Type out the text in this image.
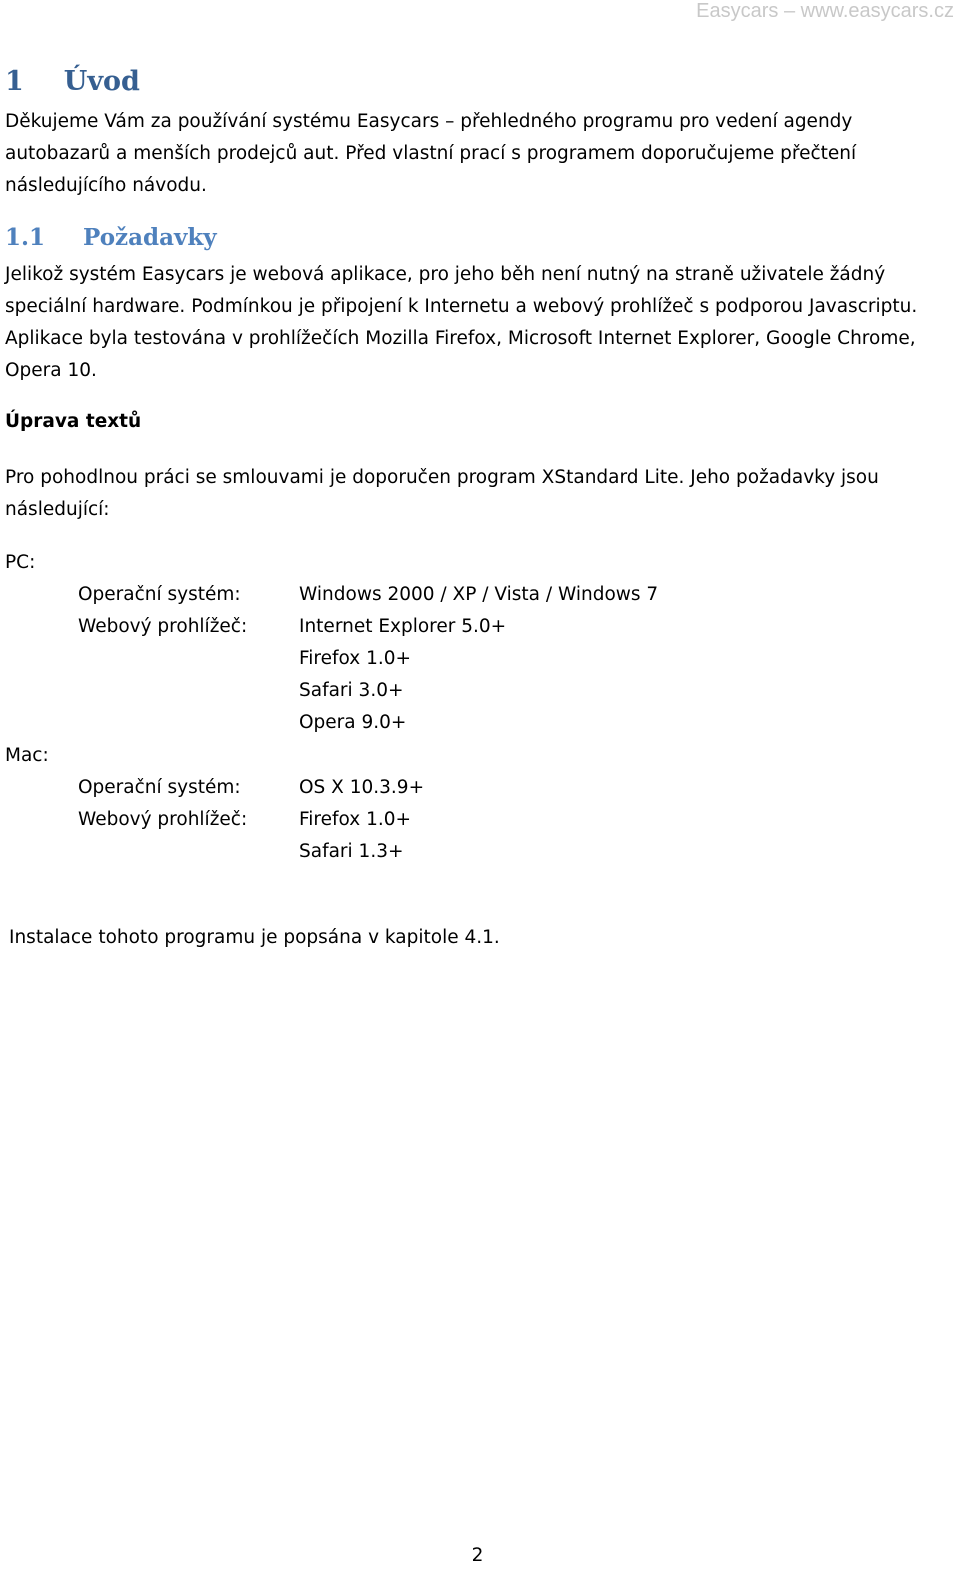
Easycars – www.easycars.cz
1 Úvod

Děkujeme Vám za používání systému Easycars – přehledného programu pro vedení agendy

autobazarů a menších prodejců aut. Před vlastní prací s programem doporučujeme přečtení

následujícího návodu.

1.1 Požadavky

Jelikož systém Easycars je webová aplikace, pro jeho běh není nutný na straně uživatele žádný

speciální hardware. Podmínkou je připojení k Internetu a webový prohlížeč s podporou Javascriptu.

Aplikace byla testována v prohlížečích Mozilla Firefox, Microsoft Internet Explorer, Google Chrome,

Opera 10.

Úprava textů

Pro pohodlnou práci se smlouvami je doporučen program XStandard Lite. Jeho požadavky jsou

následující:

PC:
Operační systém:	Windows 2000 / XP / Vista / Windows 7
Webový prohlížeč:	Internet Explorer 5.0+
Firefox 1.0+
Safari 3.0+
Opera 9.0+
Mac:
Operační systém:	OS X 10.3.9+
Webový prohlížeč:	Firefox 1.0+
Safari 1.3+
Instalace tohoto programu je popsána v kapitole 4.1.
2
